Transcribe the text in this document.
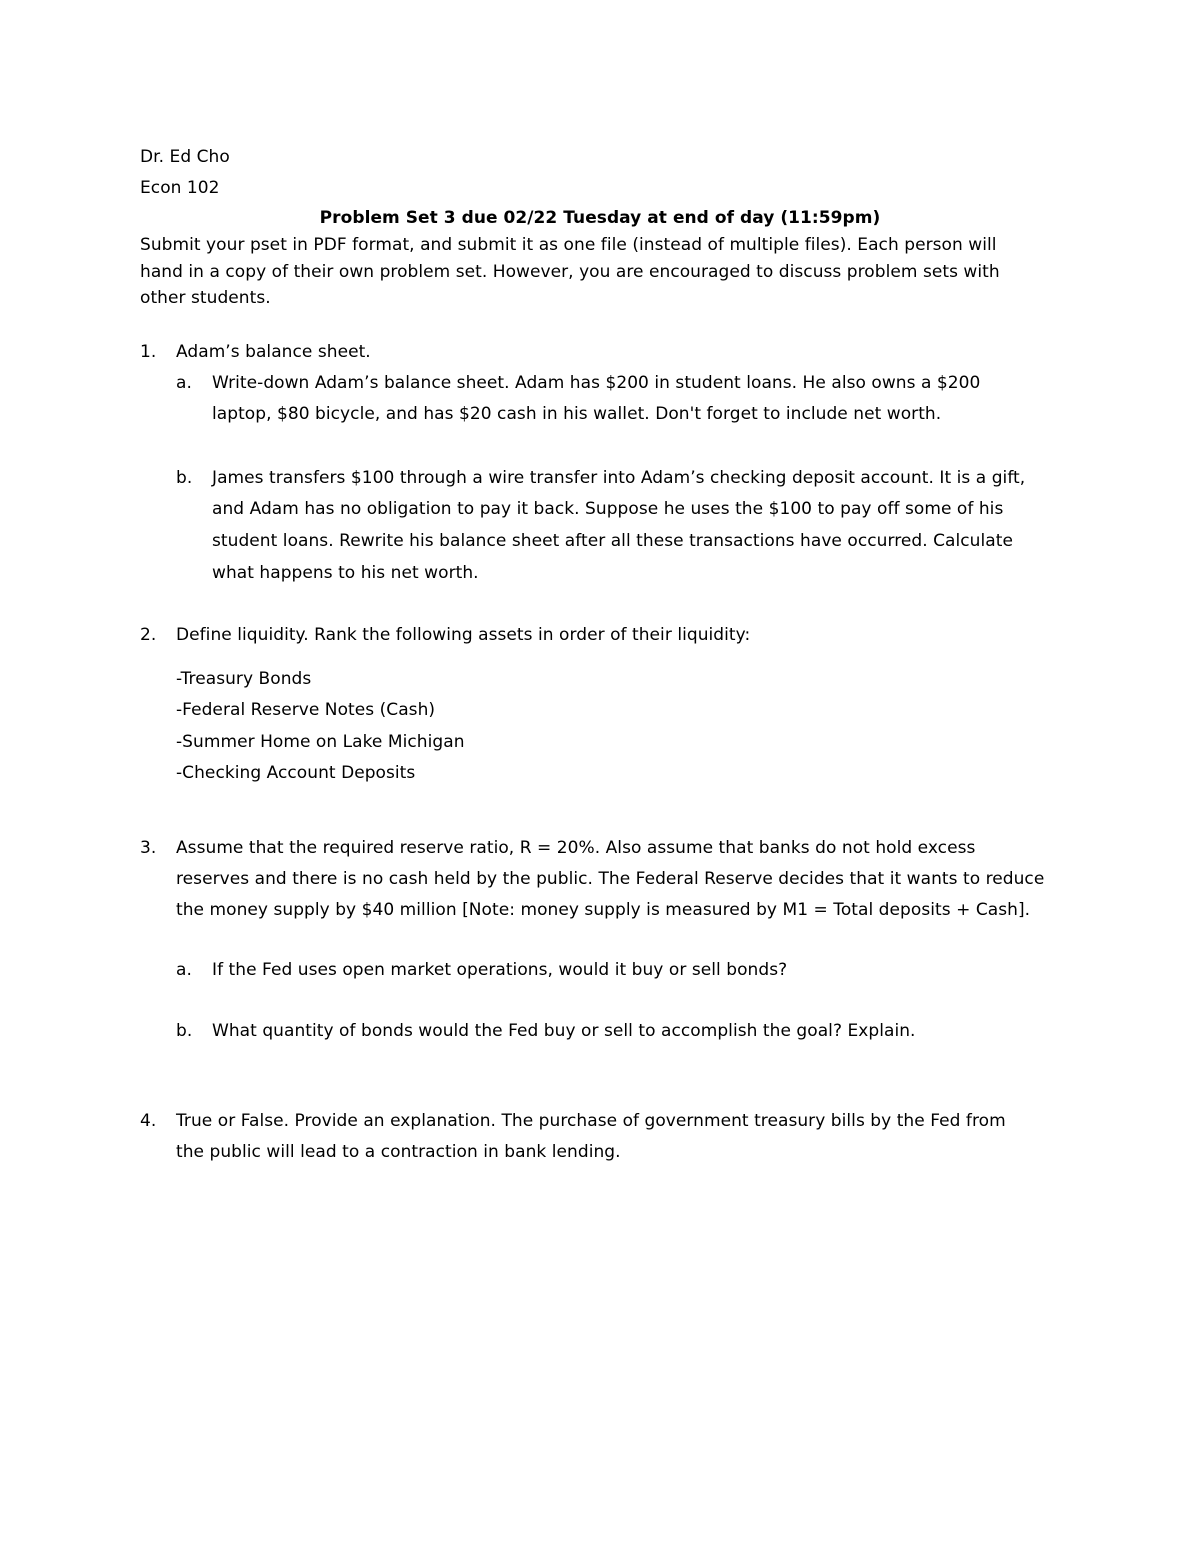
Dr. Ed Cho
Econ 102
Problem Set 3 due 02/22 Tuesday at end of day (11:59pm)
Submit your pset in PDF format, and submit it as one file (instead of multiple files). Each person will
hand in a copy of their own problem set. However, you are encouraged to discuss problem sets with
other students.
1. Adam’s balance sheet.
a. Write-down Adam’s balance sheet. Adam has $200 in student loans. He also owns a $200
laptop, $80 bicycle, and has $20 cash in his wallet. Don't forget to include net worth.
b. James transfers $100 through a wire transfer into Adam’s checking deposit account. It is a gift,
and Adam has no obligation to pay it back. Suppose he uses the $100 to pay off some of his
student loans. Rewrite his balance sheet after all these transactions have occurred. Calculate
what happens to his net worth.
2. Define liquidity. Rank the following assets in order of their liquidity:
-Treasury Bonds
-Federal Reserve Notes (Cash)
-Summer Home on Lake Michigan
-Checking Account Deposits
3. Assume that the required reserve ratio, R = 20%. Also assume that banks do not hold excess
reserves and there is no cash held by the public. The Federal Reserve decides that it wants to reduce
the money supply by $40 million [Note: money supply is measured by M1 = Total deposits + Cash].
a. If the Fed uses open market operations, would it buy or sell bonds?
b. What quantity of bonds would the Fed buy or sell to accomplish the goal? Explain.
4. True or False. Provide an explanation. The purchase of government treasury bills by the Fed from
the public will lead to a contraction in bank lending.
